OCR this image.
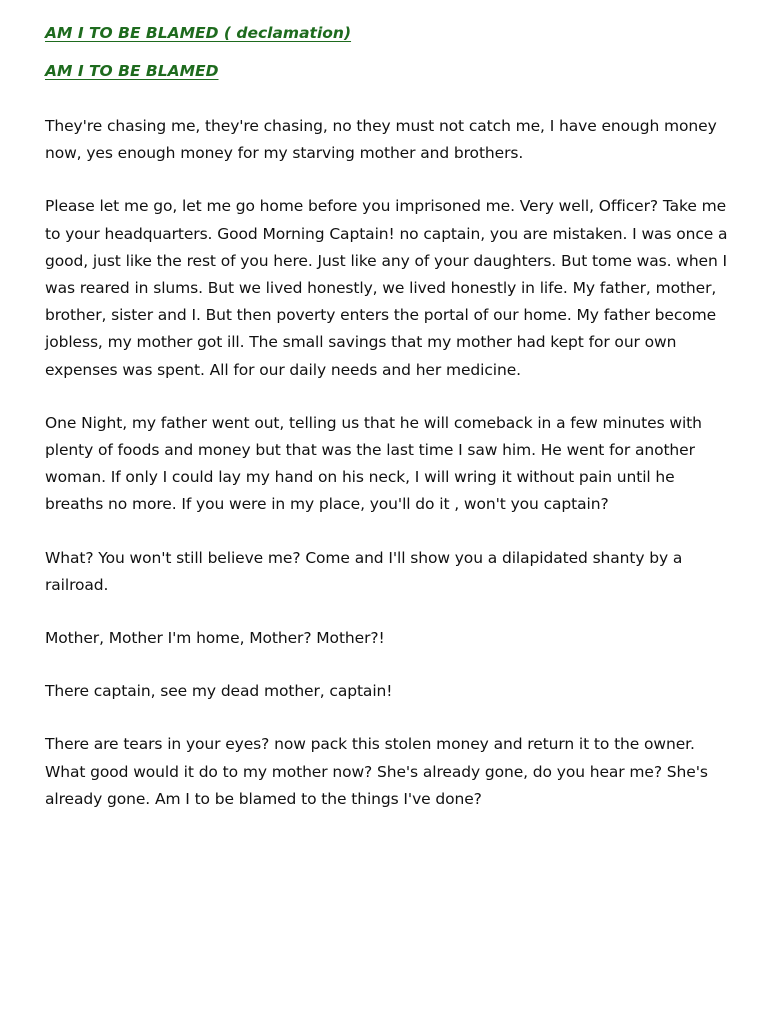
AM I TO BE BLAMED ( declamation)

AM I TO BE BLAMED

They're chasing me, they're chasing, no they must not catch me, I have enough money now, yes enough money for my starving mother and brothers.

Please let me go, let me go home before you imprisoned me. Very well, Officer? Take me to your headquarters. Good Morning Captain! no captain, you are mistaken. I was once a good, just like the rest of you here. Just like any of your daughters. But tome was. when I was reared in slums. But we lived honestly, we lived honestly in life. My father, mother, brother, sister and I. But then poverty enters the portal of our home. My father become jobless, my mother got ill. The small savings that my mother had kept for our own expenses was spent. All for our daily needs and her medicine.

One Night, my father went out, telling us that he will comeback in a few minutes with plenty of foods and money but that was the last time I saw him. He went for another woman. If only I could lay my hand on his neck, I will wring it without pain until he breaths no more. If you were in my place, you'll do it , won't you captain?

What? You won't still believe me? Come and I'll show you a dilapidated shanty by a railroad.

Mother, Mother I'm home, Mother? Mother?!

There captain, see my dead mother, captain!

There are tears in your eyes? now pack this stolen money and return it to the owner. What good would it do to my mother now? She's already gone, do you hear me? She's already gone. Am I to be blamed to the things I've done?
